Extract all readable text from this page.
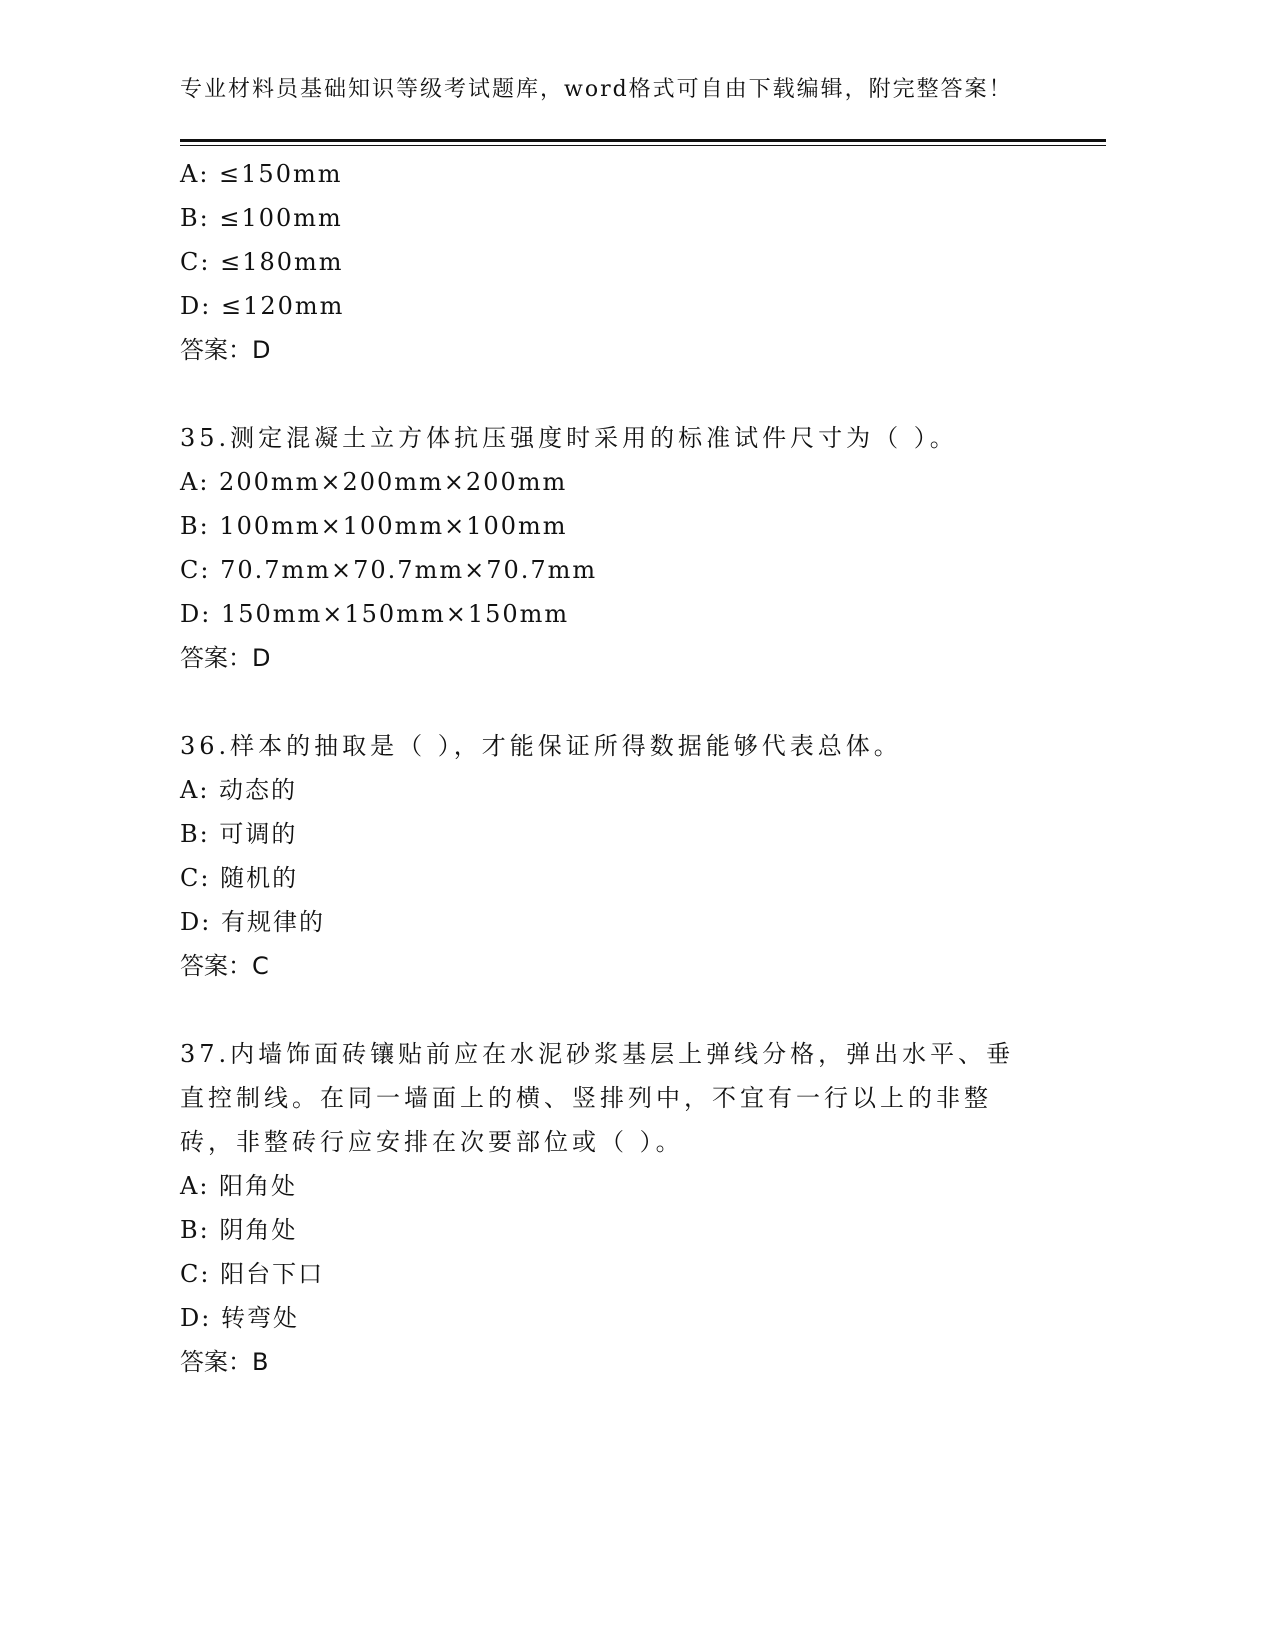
专业材料员基础知识等级考试题库，word格式可自由下载编辑，附完整答案！
A: ≤150mm
B: ≤100mm
C: ≤180mm
D: ≤120mm
答案：D
35.测定混凝土立方体抗压强度时采用的标准试件尺寸为（ ）。
A: 200mm×200mm×200mm
B: 100mm×100mm×100mm
C: 70.7mm×70.7mm×70.7mm
D: 150mm×150mm×150mm
答案：D
36.样本的抽取是（ ），才能保证所得数据能够代表总体。
A: 动态的
B: 可调的
C: 随机的
D: 有规律的
答案：C
37.内墙饰面砖镶贴前应在水泥砂浆基层上弹线分格，弹出水平、垂直控制线。在同一墙面上的横、竖排列中，不宜有一行以上的非整砖，非整砖行应安排在次要部位或（ ）。
A: 阳角处
B: 阴角处
C: 阳台下口
D: 转弯处
答案：B
